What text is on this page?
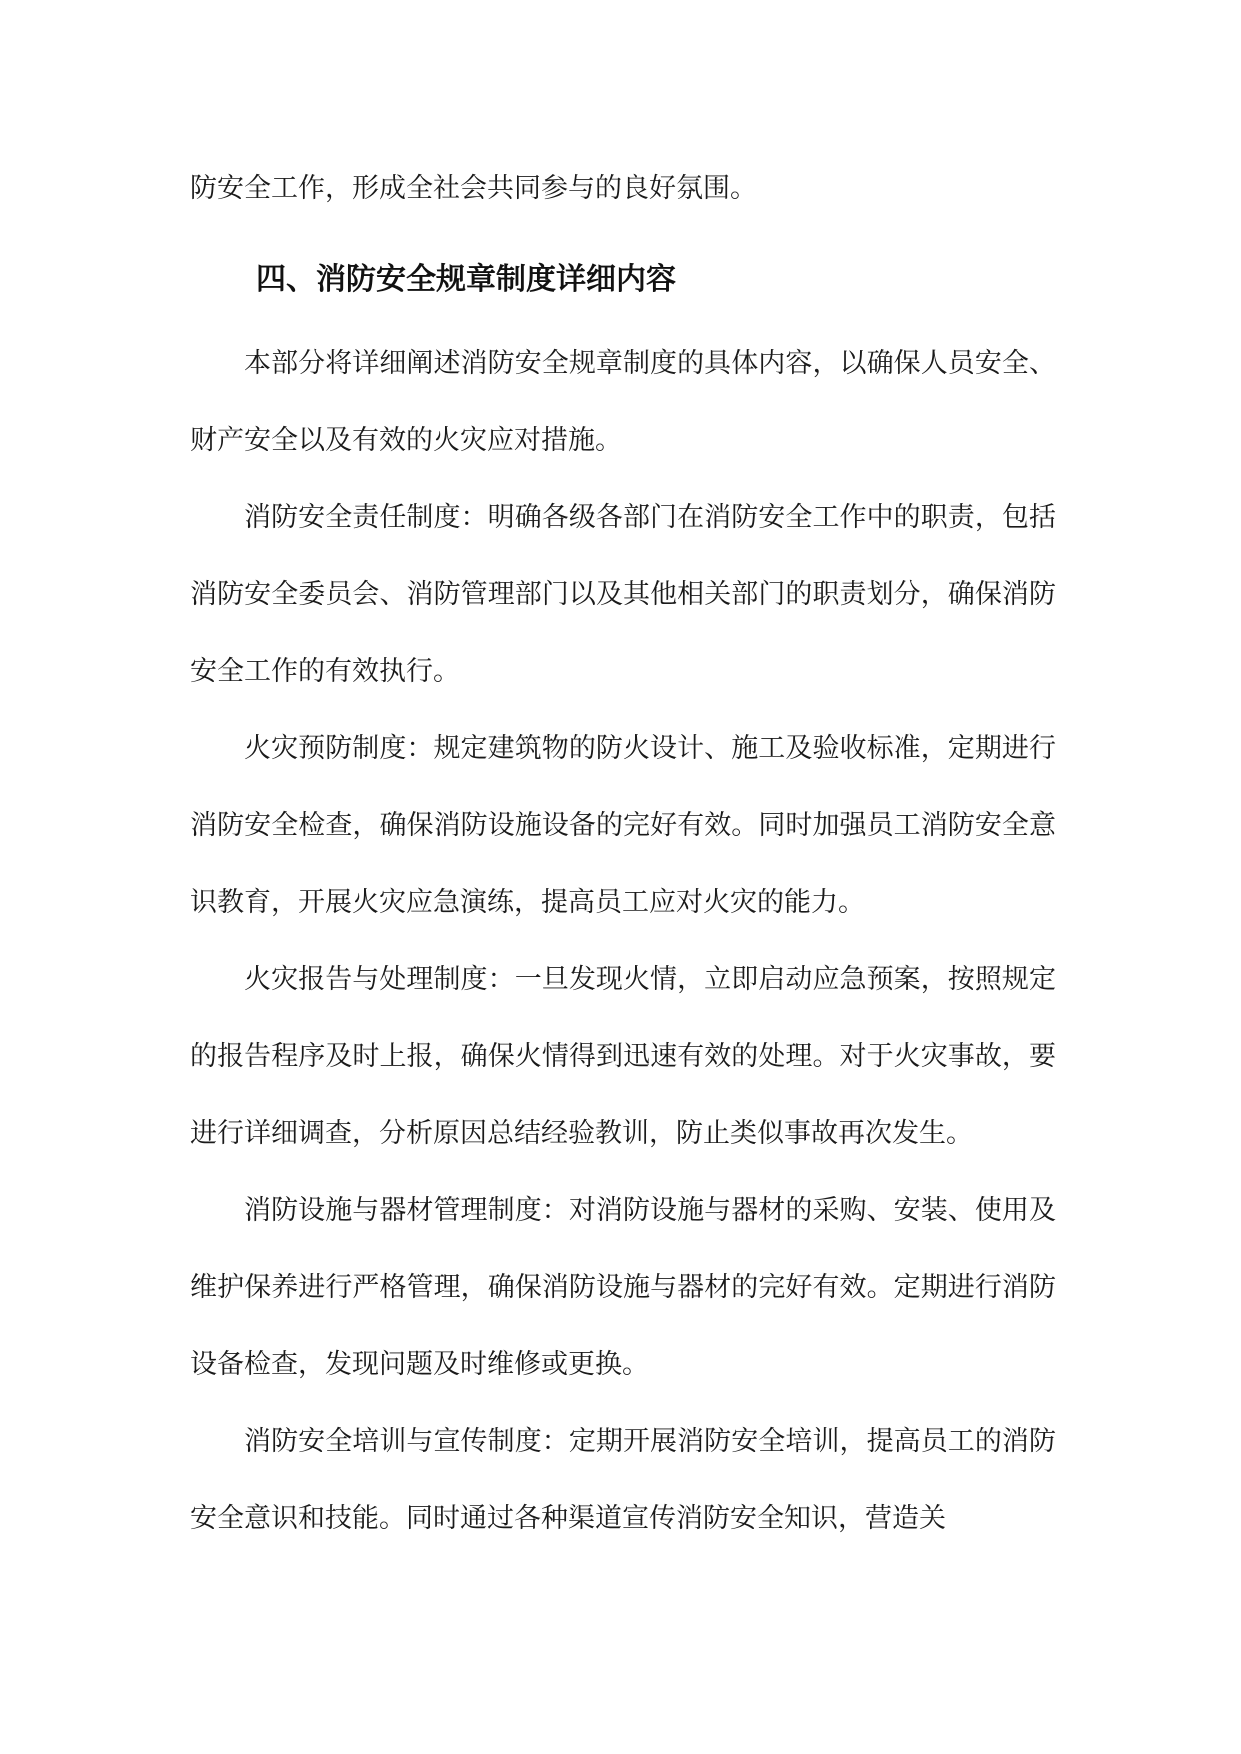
防安全工作，形成全社会共同参与的良好氛围。

四、消防安全规章制度详细内容

本部分将详细阐述消防安全规章制度的具体内容，以确保人员安全、财产安全以及有效的火灾应对措施。

消防安全责任制度：明确各级各部门在消防安全工作中的职责，包括消防安全委员会、消防管理部门以及其他相关部门的职责划分，确保消防安全工作的有效执行。

火灾预防制度：规定建筑物的防火设计、施工及验收标准，定期进行消防安全检查，确保消防设施设备的完好有效。同时加强员工消防安全意识教育，开展火灾应急演练，提高员工应对火灾的能力。

火灾报告与处理制度：一旦发现火情，立即启动应急预案，按照规定的报告程序及时上报，确保火情得到迅速有效的处理。对于火灾事故，要进行详细调查，分析原因总结经验教训，防止类似事故再次发生。

消防设施与器材管理制度：对消防设施与器材的采购、安装、使用及维护保养进行严格管理，确保消防设施与器材的完好有效。定期进行消防设备检查，发现问题及时维修或更换。

消防安全培训与宣传制度：定期开展消防安全培训，提高员工的消防安全意识和技能。同时通过各种渠道宣传消防安全知识，营造关
